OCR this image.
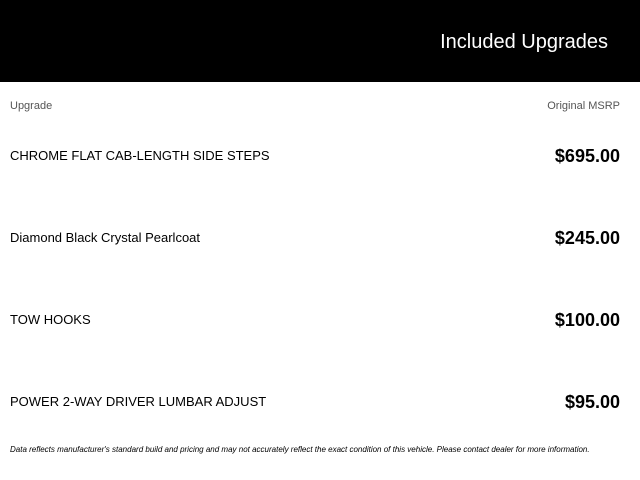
Included Upgrades
Upgrade	Original MSRP
CHROME FLAT CAB-LENGTH SIDE STEPS	$695.00
Diamond Black Crystal Pearlcoat	$245.00
TOW HOOKS	$100.00
POWER 2-WAY DRIVER LUMBAR ADJUST	$95.00
Data reflects manufacturer's standard build and pricing and may not accurately reflect the exact condition of this vehicle. Please contact dealer for more information.
